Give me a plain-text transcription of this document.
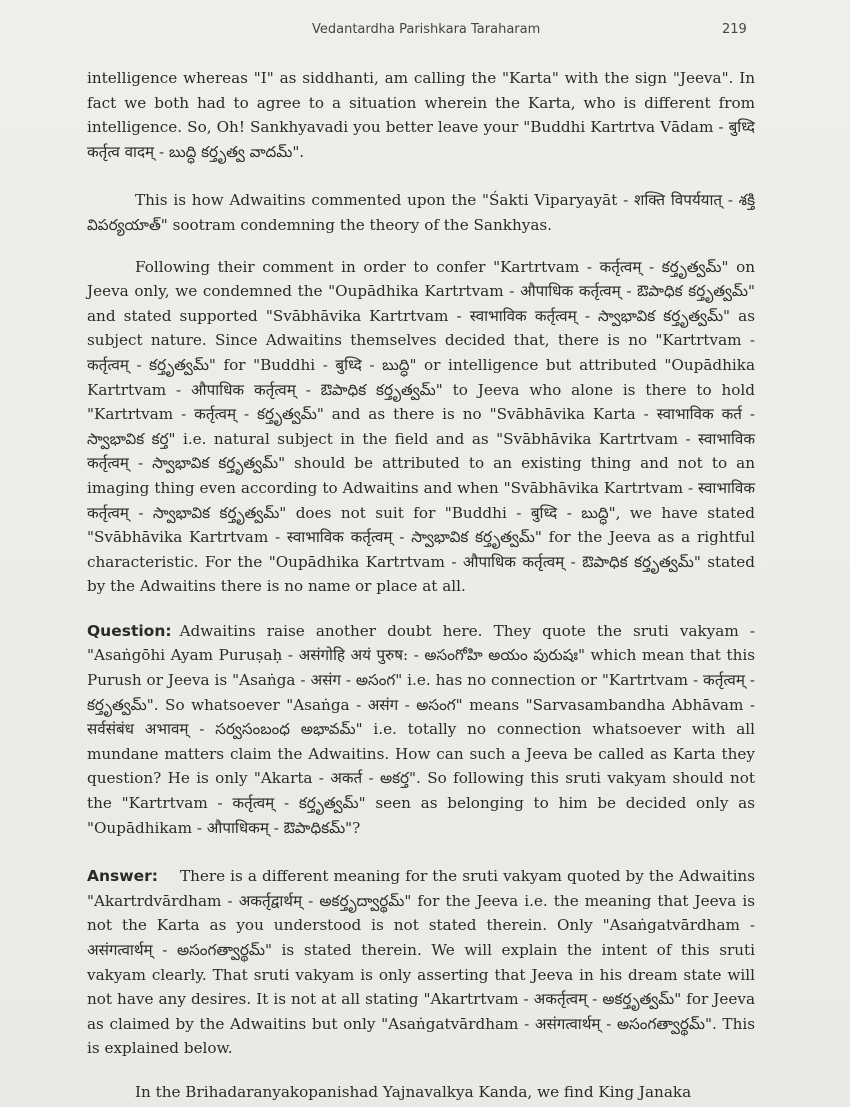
Vedantardha Parishkara Taraharam	219

intelligence whereas "I" as siddhanti, am calling the "Karta" with the sign "Jeeva". In fact we both had to agree to a situation wherein the Karta, who is different from intelligence. So, Oh! Sankhyavadi you better leave your "Buddhi Kartrtva Vādam - बुध्दि कर्तृत्व वादम् - బుద్ధి కర్తృత్వ వాదమ్".

This is how Adwaitins commented upon the "Śakti Viparyayāt - शक्ति विपर्ययात् - శక్తి విపర్యయాత్" sootram condemning the theory of the Sankhyas.

Following their comment in order to confer "Kartrtvam - कर्तृत्वम् - కర్తృత్వమ్" on Jeeva only, we condemned the "Oupādhika Kartrtvam - औपाधिक कर्तृत्वम् - ఔపాధిక కర్తృత్వమ్" and stated supported "Svābhāvika Kartrtvam - स्वाभाविक कर्तृत्वम् - స్వాభావిక కర్తృత్వమ్" as subject nature. Since Adwaitins themselves decided that, there is no "Kartrtvam - कर्तृत्वम् - కర్తృత్వమ్" for "Buddhi - बुध्दि - బుద్ధి" or intelligence but attributed "Oupādhika Kartrtvam - औपाधिक कर्तृत्वम् - ఔపాధిక కర్తృత్వమ్" to Jeeva who alone is there to hold "Kartrtvam - कर्तृत्वम् - కర్తృత్వమ్" and as there is no "Svābhāvika Karta - स्वाभाविक कर्त - స్వాభావిక కర్త" i.e. natural subject in the field and as "Svābhāvika Kartrtvam - स्वाभाविक कर्तृत्वम् - స్వాభావిక కర్తృత్వమ్" should be attributed to an existing thing and not to an imaging thing even according to Adwaitins and when "Svābhāvika Kartrtvam - स्वाभाविक कर्तृत्वम् - స్వాభావిక కర్తృత్వమ్" does not suit for "Buddhi - बुध्दि - బుద్ధి", we have stated "Svābhāvika Kartrtvam - स्वाभाविक कर्तृत्वम् - స్వాభావిక కర్తృత్వమ్" for the Jeeva as a rightful characteristic. For the "Oupādhika Kartrtvam - औपाधिक कर्तृत्वम् - ఔపాధిక కర్తృత్వమ్" stated by the Adwaitins there is no name or place at all.

Question: Adwaitins raise another doubt here. They quote the sruti vakyam - "Asaṅgōhi Ayam Puruṣaḥ - असंगोहि अयं पुरुष: - అసంగోహి అయం పురుషః" which mean that this Purush or Jeeva is "Asaṅga - असंग - అసంగ" i.e. has no connection or "Kartrtvam - कर्तृत्वम् - కర్తృత్వమ్". So whatsoever "Asaṅga - असंग - అసంగ" means "Sarvasambandha Abhāvam - सर्वसंबंध अभावम् - సర్వసంబంధ అభావమ్" i.e. totally no connection whatsoever with all mundane matters claim the Adwaitins. How can such a Jeeva be called as Karta they question? He is only "Akarta - अकर्त - అకర్త". So following this sruti vakyam should not the "Kartrtvam - कर्तृत्वम् - కర్తృత్వమ్" seen as belonging to him be decided only as "Oupādhikam - औपाधिकम् - ఔపాధికమ్"?

Answer: There is a different meaning for the sruti vakyam quoted by the Adwaitins "Akartrdvārdham - अकर्तृद्वार्थम् - అకర్తృద్వార్థమ్" for the Jeeva i.e. the meaning that Jeeva is not the Karta as you understood is not stated therein. Only "Asaṅgatvārdham - असंगत्वार्थम् - అసంగత్వార్థమ్" is stated therein. We will explain the intent of this sruti vakyam clearly. That sruti vakyam is only asserting that Jeeva in his dream state will not have any desires. It is not at all stating "Akartrtvam - अकर्तृत्वम् - అకర్తృత్వమ్" for Jeeva as claimed by the Adwaitins but only "Asaṅgatvārdham - असंगत्वार्थम् - అసంగత్వార్థమ్". This is explained below.

In the Brihadaranyakopanishad Yajnavalkya Kanda, we find King Janaka
